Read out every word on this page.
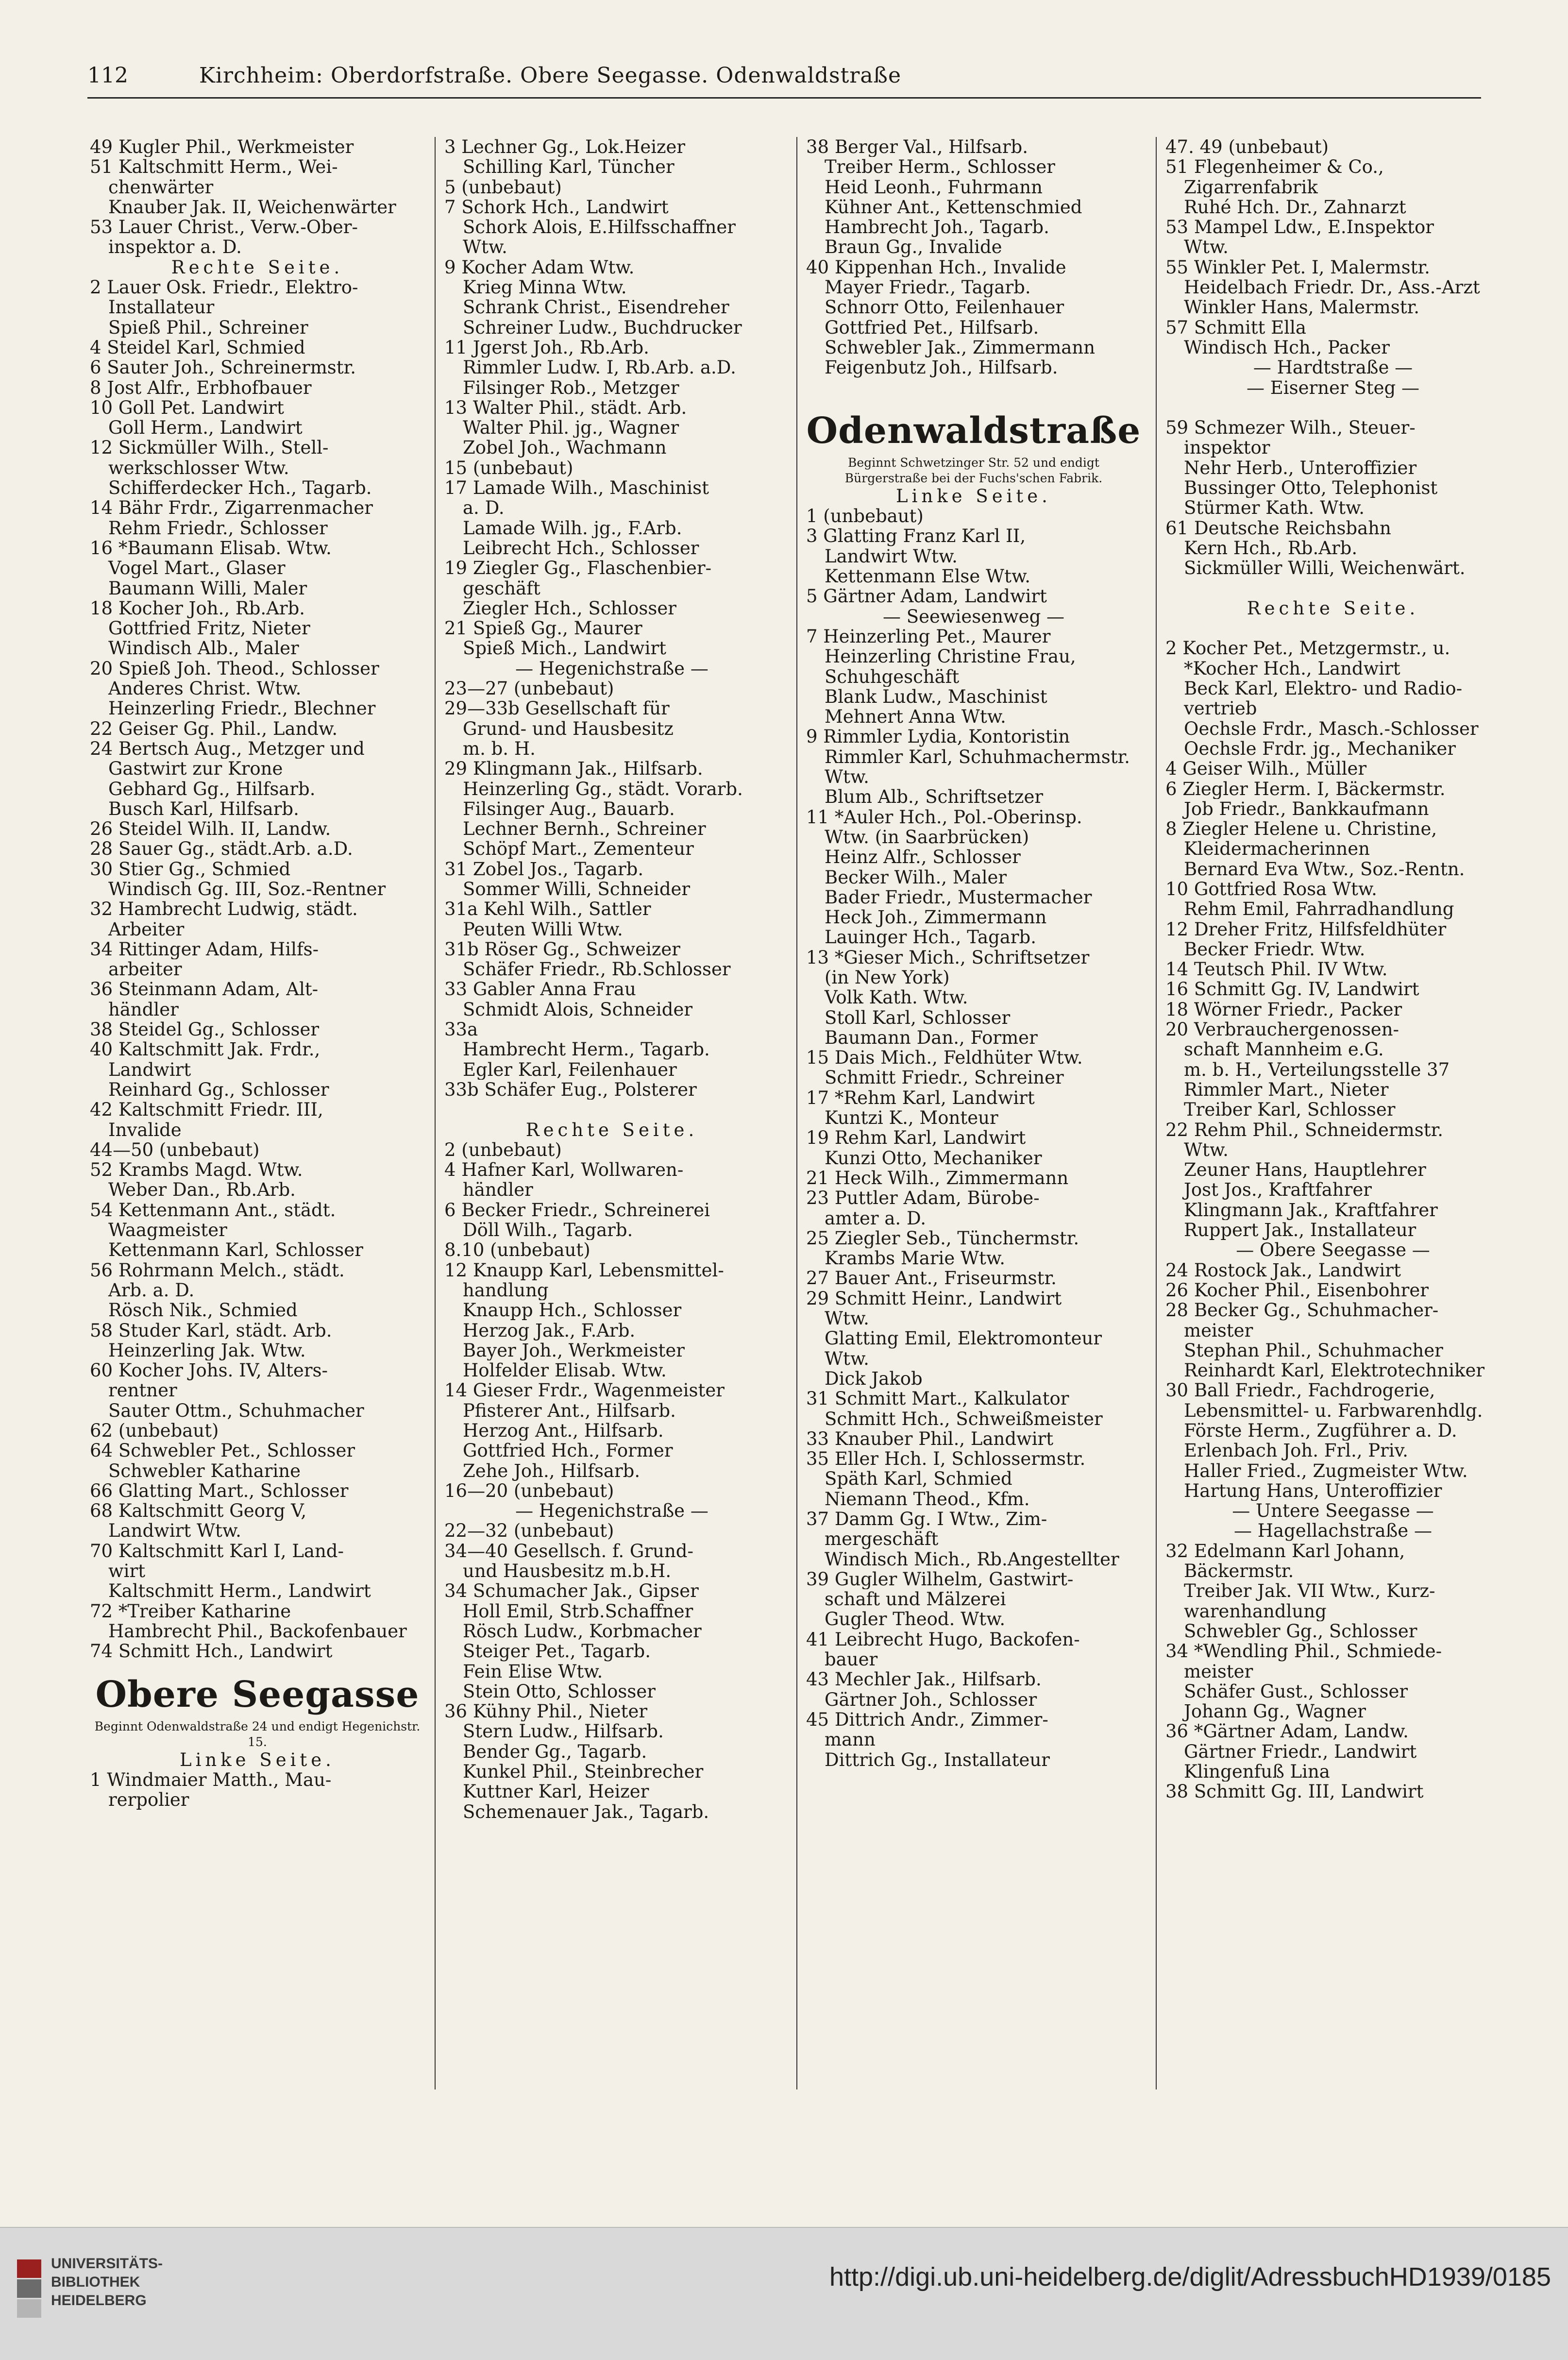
112	Kirchheim: Oberdorfstraße. Obere Seegasse. Odenwaldstraße
49 Kugler Phil., Werkmeister
51 Kaltschmitt Herm., Wei-
chenwärter
Knauber Jak. II, Weichenwärter
53 Lauer Christ., Verw.-Ober-
inspektor a. D.
Rechte Seite.
2 Lauer Osk. Friedr., Elektro-
Installateur
Spieß Phil., Schreiner
4 Steidel Karl, Schmied
6 Sauter Joh., Schreinermstr.
8 Jost Alfr., Erbhofbauer
10 Goll Pet. Landwirt
Goll Herm., Landwirt
12 Sickmüller Wilh., Stell-
werkschlosser Wtw.
Schifferdecker Hch., Tagarb.
14 Bähr Frdr., Zigarrenmacher
Rehm Friedr., Schlosser
16 *Baumann Elisab. Wtw.
Vogel Mart., Glaser
Baumann Willi, Maler
18 Kocher Joh., Rb.Arb.
Gottfried Fritz, Nieter
Windisch Alb., Maler
20 Spieß Joh. Theod., Schlosser
Anderes Christ. Wtw.
Heinzerling Friedr., Blechner
22 Geiser Gg. Phil., Landw.
24 Bertsch Aug., Metzger und
Gastwirt zur Krone
Gebhard Gg., Hilfsarb.
Busch Karl, Hilfsarb.
26 Steidel Wilh. II, Landw.
28 Sauer Gg., städt.Arb. a.D.
30 Stier Gg., Schmied
Windisch Gg. III, Soz.-Rentner
32 Hambrecht Ludwig, städt.
Arbeiter
34 Rittinger Adam, Hilfs-
arbeiter
36 Steinmann Adam, Alt-
händler
38 Steidel Gg., Schlosser
40 Kaltschmitt Jak. Frdr.,
Landwirt
Reinhard Gg., Schlosser
42 Kaltschmitt Friedr. III,
Invalide
44—50 (unbebaut)
52 Krambs Magd. Wtw.
Weber Dan., Rb.Arb.
54 Kettenmann Ant., städt.
Waagmeister
Kettenmann Karl, Schlosser
56 Rohrmann Melch., städt.
Arb. a. D.
Rösch Nik., Schmied
58 Studer Karl, städt. Arb.
Heinzerling Jak. Wtw.
60 Kocher Johs. IV, Alters-
rentner
Sauter Ottm., Schuhmacher
62 (unbebaut)
64 Schwebler Pet., Schlosser
Schwebler Katharine
66 Glatting Mart., Schlosser
68 Kaltschmitt Georg V,
Landwirt Wtw.
70 Kaltschmitt Karl I, Land-
wirt
Kaltschmitt Herm., Landwirt
72 *Treiber Katharine
Hambrecht Phil., Backofenbauer
74 Schmitt Hch., Landwirt
Obere Seegasse
Beginnt Odenwaldstraße 24 und endigt Hegenichstr. 15.
Linke Seite.
1 Windmaier Matth., Mau-
rerpolier
3 Lechner Gg., Lok.Heizer
Schilling Karl, Tüncher
5 (unbebaut)
7 Schork Hch., Landwirt
Schork Alois, E.Hilfsschaffner
Wtw.
9 Kocher Adam Wtw.
Krieg Minna Wtw.
Schrank Christ., Eisendreher
Schreiner Ludw., Buchdrucker
11 Jgerst Joh., Rb.Arb.
Rimmler Ludw. I, Rb.Arb. a.D.
Filsinger Rob., Metzger
13 Walter Phil., städt. Arb.
Walter Phil. jg., Wagner
Zobel Joh., Wachmann
15 (unbebaut)
17 Lamade Wilh., Maschinist
a. D.
Lamade Wilh. jg., F.Arb.
Leibrecht Hch., Schlosser
19 Ziegler Gg., Flaschenbier-
geschäft
Ziegler Hch., Schlosser
21 Spieß Gg., Maurer
Spieß Mich., Landwirt
— Hegenichstraße —
23—27 (unbebaut)
29—33b Gesellschaft für
Grund- und Hausbesitz
m. b. H.
29 Klingmann Jak., Hilfsarb.
Heinzerling Gg., städt. Vorarb.
Filsinger Aug., Bauarb.
Lechner Bernh., Schreiner
Schöpf Mart., Zementeur
31 Zobel Jos., Tagarb.
Sommer Willi, Schneider
31a Kehl Wilh., Sattler
Peuten Willi Wtw.
31b Röser Gg., Schweizer
Schäfer Friedr., Rb.Schlosser
33 Gabler Anna Frau
Schmidt Alois, Schneider
33a
Hambrecht Herm., Tagarb.
Egler Karl, Feilenhauer
33b Schäfer Eug., Polsterer

Rechte Seite.
2 (unbebaut)
4 Hafner Karl, Wollwaren-
händler
6 Becker Friedr., Schreinerei
Döll Wilh., Tagarb.
8.10 (unbebaut)
12 Knaupp Karl, Lebensmittel-
handlung
Knaupp Hch., Schlosser
Herzog Jak., F.Arb.
Bayer Joh., Werkmeister
Holfelder Elisab. Wtw.
14 Gieser Frdr., Wagenmeister
Pfisterer Ant., Hilfsarb.
Herzog Ant., Hilfsarb.
Gottfried Hch., Former
Zehe Joh., Hilfsarb.
16—20 (unbebaut)
— Hegenichstraße —
22—32 (unbebaut)
34—40 Gesellsch. f. Grund-
und Hausbesitz m.b.H.
34 Schumacher Jak., Gipser
Holl Emil, Strb.Schaffner
Rösch Ludw., Korbmacher
Steiger Pet., Tagarb.
Fein Elise Wtw.
Stein Otto, Schlosser
36 Kühny Phil., Nieter
Stern Ludw., Hilfsarb.
Bender Gg., Tagarb.
Kunkel Phil., Steinbrecher
Kuttner Karl, Heizer
Schemenauer Jak., Tagarb.
38 Berger Val., Hilfsarb.
Treiber Herm., Schlosser
Heid Leonh., Fuhrmann
Kühner Ant., Kettenschmied
Hambrecht Joh., Tagarb.
Braun Gg., Invalide
40 Kippenhan Hch., Invalide
Mayer Friedr., Tagarb.
Schnorr Otto, Feilenhauer
Gottfried Pet., Hilfsarb.
Schwebler Jak., Zimmermann
Feigenbutz Joh., Hilfsarb.

Odenwaldstraße
Beginnt Schwetzinger Str. 52 und endigt Bürgerstraße bei der Fuchs'schen Fabrik.
Linke Seite.
1 (unbebaut)
3 Glatting Franz Karl II,
Landwirt Wtw.
Kettenmann Else Wtw.
5 Gärtner Adam, Landwirt
— Seewiesenweg —
7 Heinzerling Pet., Maurer
Heinzerling Christine Frau,
Schuhgeschäft
Blank Ludw., Maschinist
Mehnert Anna Wtw.
9 Rimmler Lydia, Kontoristin
Rimmler Karl, Schuhmachermstr.
Wtw.
Blum Alb., Schriftsetzer
11 *Auler Hch., Pol.-Oberinsp.
Wtw. (in Saarbrücken)
Heinz Alfr., Schlosser
Becker Wilh., Maler
Bader Friedr., Mustermacher
Heck Joh., Zimmermann
Lauinger Hch., Tagarb.
13 *Gieser Mich., Schriftsetzer
(in New York)
Volk Kath. Wtw.
Stoll Karl, Schlosser
Baumann Dan., Former
15 Dais Mich., Feldhüter Wtw.
Schmitt Friedr., Schreiner
17 *Rehm Karl, Landwirt
Kuntzi K., Monteur
19 Rehm Karl, Landwirt
Kunzi Otto, Mechaniker
21 Heck Wilh., Zimmermann
23 Puttler Adam, Bürobe-
amter a. D.
25 Ziegler Seb., Tünchermstr.
Krambs Marie Wtw.
27 Bauer Ant., Friseurmstr.
29 Schmitt Heinr., Landwirt
Wtw.
Glatting Emil, Elektromonteur
Wtw.
Dick Jakob
31 Schmitt Mart., Kalkulator
Schmitt Hch., Schweißmeister
33 Knauber Phil., Landwirt
35 Eller Hch. I, Schlossermstr.
Späth Karl, Schmied
Niemann Theod., Kfm.
37 Damm Gg. I Wtw., Zim-
mergeschäft
Windisch Mich., Rb.Angestellter
39 Gugler Wilhelm, Gastwirt-
schaft und Mälzerei
Gugler Theod. Wtw.
41 Leibrecht Hugo, Backofen-
bauer
43 Mechler Jak., Hilfsarb.
Gärtner Joh., Schlosser
45 Dittrich Andr., Zimmer-
mann
Dittrich Gg., Installateur
47. 49 (unbebaut)
51 Flegenheimer & Co.,
Zigarrenfabrik
Ruhé Hch. Dr., Zahnarzt
53 Mampel Ldw., E.Inspektor
Wtw.
55 Winkler Pet. I, Malermstr.
Heidelbach Friedr. Dr., Ass.-Arzt
Winkler Hans, Malermstr.
57 Schmitt Ella
Windisch Hch., Packer
— Hardtstraße —
— Eiserner Steg —

59 Schmezer Wilh., Steuer-
inspektor
Nehr Herb., Unteroffizier
Bussinger Otto, Telephonist
Stürmer Kath. Wtw.
61 Deutsche Reichsbahn
Kern Hch., Rb.Arb.
Sickmüller Willi, Weichenwärt.

Rechte Seite.

2 Kocher Pet., Metzgermstr., u.
*Kocher Hch., Landwirt
Beck Karl, Elektro- und Radio-
vertrieb
Oechsle Frdr., Masch.-Schlosser
Oechsle Frdr. jg., Mechaniker
4 Geiser Wilh., Müller
6 Ziegler Herm. I, Bäckermstr.
Job Friedr., Bankkaufmann
8 Ziegler Helene u. Christine,
Kleidermacherinnen
Bernard Eva Wtw., Soz.-Rentn.
10 Gottfried Rosa Wtw.
Rehm Emil, Fahrradhandlung
12 Dreher Fritz, Hilfsfeldhüter
Becker Friedr. Wtw.
14 Teutsch Phil. IV Wtw.
16 Schmitt Gg. IV, Landwirt
18 Wörner Friedr., Packer
20 Verbrauchergenossen-
schaft Mannheim e.G.
m. b. H., Verteilungsstelle 37
Rimmler Mart., Nieter
Treiber Karl, Schlosser
22 Rehm Phil., Schneidermstr.
Wtw.
Zeuner Hans, Hauptlehrer
Jost Jos., Kraftfahrer
Klingmann Jak., Kraftfahrer
Ruppert Jak., Installateur
— Obere Seegasse —
24 Rostock Jak., Landwirt
26 Kocher Phil., Eisenbohrer
28 Becker Gg., Schuhmacher-
meister
Stephan Phil., Schuhmacher
Reinhardt Karl, Elektrotechniker
30 Ball Friedr., Fachdrogerie,
Lebensmittel- u. Farbwarenhdlg.
Förste Herm., Zugführer a. D.
Erlenbach Joh. Frl., Priv.
Haller Fried., Zugmeister Wtw.
Hartung Hans, Unteroffizier
— Untere Seegasse —
— Hagellachstraße —
32 Edelmann Karl Johann,
Bäckermstr.
Treiber Jak. VII Wtw., Kurz-
warenhandlung
Schwebler Gg., Schlosser
34 *Wendling Phil., Schmiede-
meister
Schäfer Gust., Schlosser
Johann Gg., Wagner
36 *Gärtner Adam, Landw.
Gärtner Friedr., Landwirt
Klingenfuß Lina
38 Schmitt Gg. III, Landwirt
UNIVERSITÄTS-
BIBLIOTHEK
HEIDELBERG
http://digi.ub.uni-heidelberg.de/diglit/AdressbuchHD1939/0185
